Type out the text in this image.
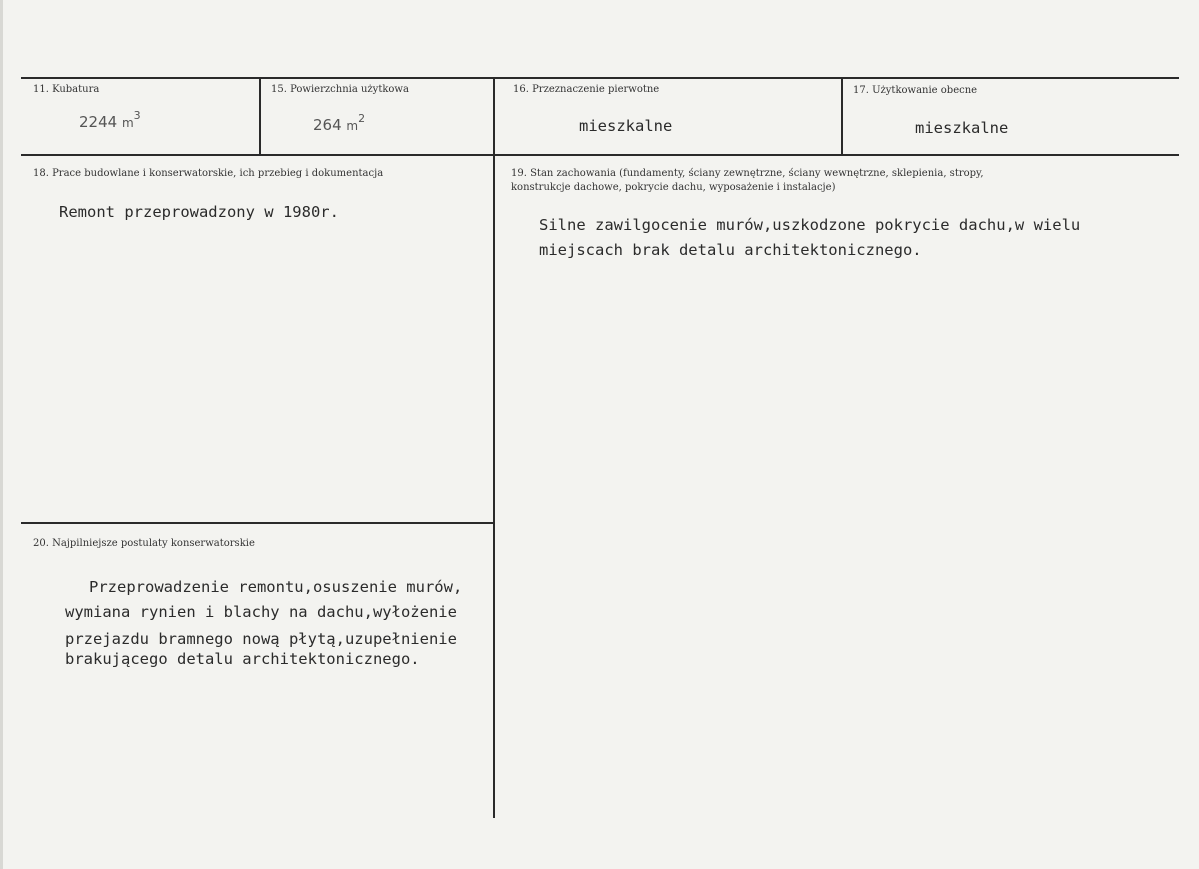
11. Kubatura
2244 $m^3$
15. Powierzchnia użytkowa
264 $m^2$
16. Przeznaczenie pierwotne
mieszkalne
17. Użytkowanie obecne
mieszkalne
18. Prace budowlane i konserwatorskie, ich przebieg i dokumentacja
Remont przeprowadzony w 1980r.
19. Stan zachowania (fundamenty, ściany zewnętrzne, ściany wewnętrzne, sklepienia, stropy,
konstrukcje dachowe, pokrycie dachu, wyposażenie i instalacje)
Silne zawilgocenie murów,uszkodzone pokrycie dachu,w wielu
miejscach brak detalu architektonicznego.
20. Najpilniejsze postulaty konserwatorskie
Przeprowadzenie remontu,osuszenie murów,
wymiana rynien i blachy na dachu,wyłożenie
przejazdu bramnego nową płytą,uzupełnienie
brakującego detalu architektonicznego.
